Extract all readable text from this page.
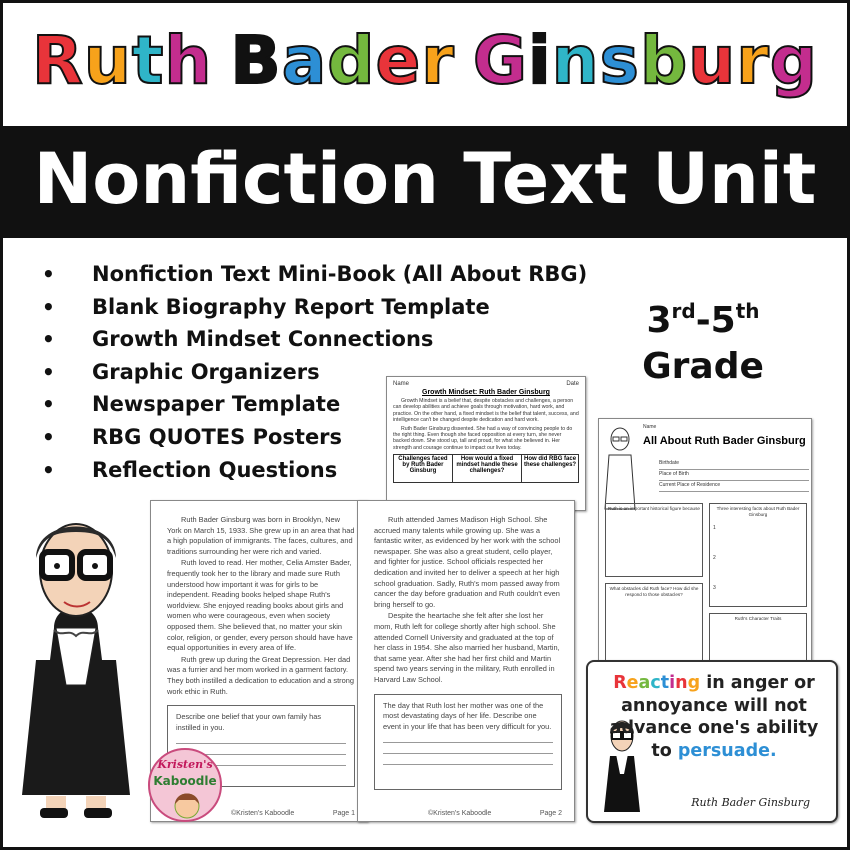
Ruth Bader Ginsburg
Nonfiction Text Unit
• Nonfiction Text Mini-Book (All About RBG)
• Blank Biography Report Template
• Growth Mindset Connections
• Graphic Organizers
• Newspaper Template
• RBG QUOTES Posters
• Reflection Questions
3rd-5th
Grade
Name	Date
Growth Mindset: Ruth Bader Ginsburg
Growth Mindset is a belief that, despite obstacles and challenges, a person can develop abilities and achieve goals through motivation, hard work, and practice. On the other hand, a fixed mindset is the belief that talent, success, and intelligence can't be changed despite dedication and hard work.
Ruth Bader Ginsburg dissented. She had a way of convincing people to do the right thing. Even though she faced opposition at every turn, she never backed down. She stood up, tall and proud, for what she believed in. Her strength and courage continue to impact our lives today.
Challenges faced by Ruth Bader Ginsburg	How would a fixed mindset handle these challenges?	How did RBG face these challenges?
Name
All About Ruth Bader Ginsburg
Birthdate
Place of Birth
Current Place of Residence
Ruth is an important historical figure because	Three interesting facts about Ruth Bader Ginsburg
1
2
3
What obstacles did Ruth face? How did she respond to those obstacles?
Ruth's Character Traits

Ruth Bader Ginsburg was born in Brooklyn, New York on March 15, 1933. She grew up in an area that had a high population of immigrants. The faces, cultures, and traditions surrounding her were rich and varied.

Ruth loved to read. Her mother, Celia Amster Bader, frequently took her to the library and made sure Ruth understood how important it was for girls to be independent. Reading books helped shape Ruth's worldview. She enjoyed reading books about girls and women who were courageous, even when society opposed them. She believed that, no matter your skin color, religion, or gender, every person should have have equal opportunities in every area of life.

Ruth grew up during the Great Depression. Her dad was a furrier and her mom worked in a garment factory. They both instilled a dedication to education and a strong work ethic in Ruth.

Describe one belief that your own family has instilled in you.
©Kristen's Kaboodle	Page 1

Ruth attended James Madison High School. She accrued many talents while growing up. She was a fantastic writer, as evidenced by her work with the school newspaper. She was also a great student, cello player, and fighter for justice. School officials respected her dedication and invited her to deliver a speech at her high school graduation. Sadly, Ruth's mom passed away from cancer the day before graduation and Ruth couldn't even bring herself to go.

Despite the heartache she felt after she lost her mom, Ruth left for college shortly after high school. She attended Cornell University and graduated at the top of her class in 1954. She also married her husband, Martin, that same year. After she had her first child and Martin spend two years serving in the military, Ruth enrolled in Harvard Law School.

The day that Ruth lost her mother was one of the most devastating days of her life. Describe one event in your life that has been very difficult for you.
©Kristen's Kaboodle	Page 2
Kristen's
Kaboodle
Reacting in anger or annoyance will not advance one's ability to persuade.
Ruth Bader Ginsburg
